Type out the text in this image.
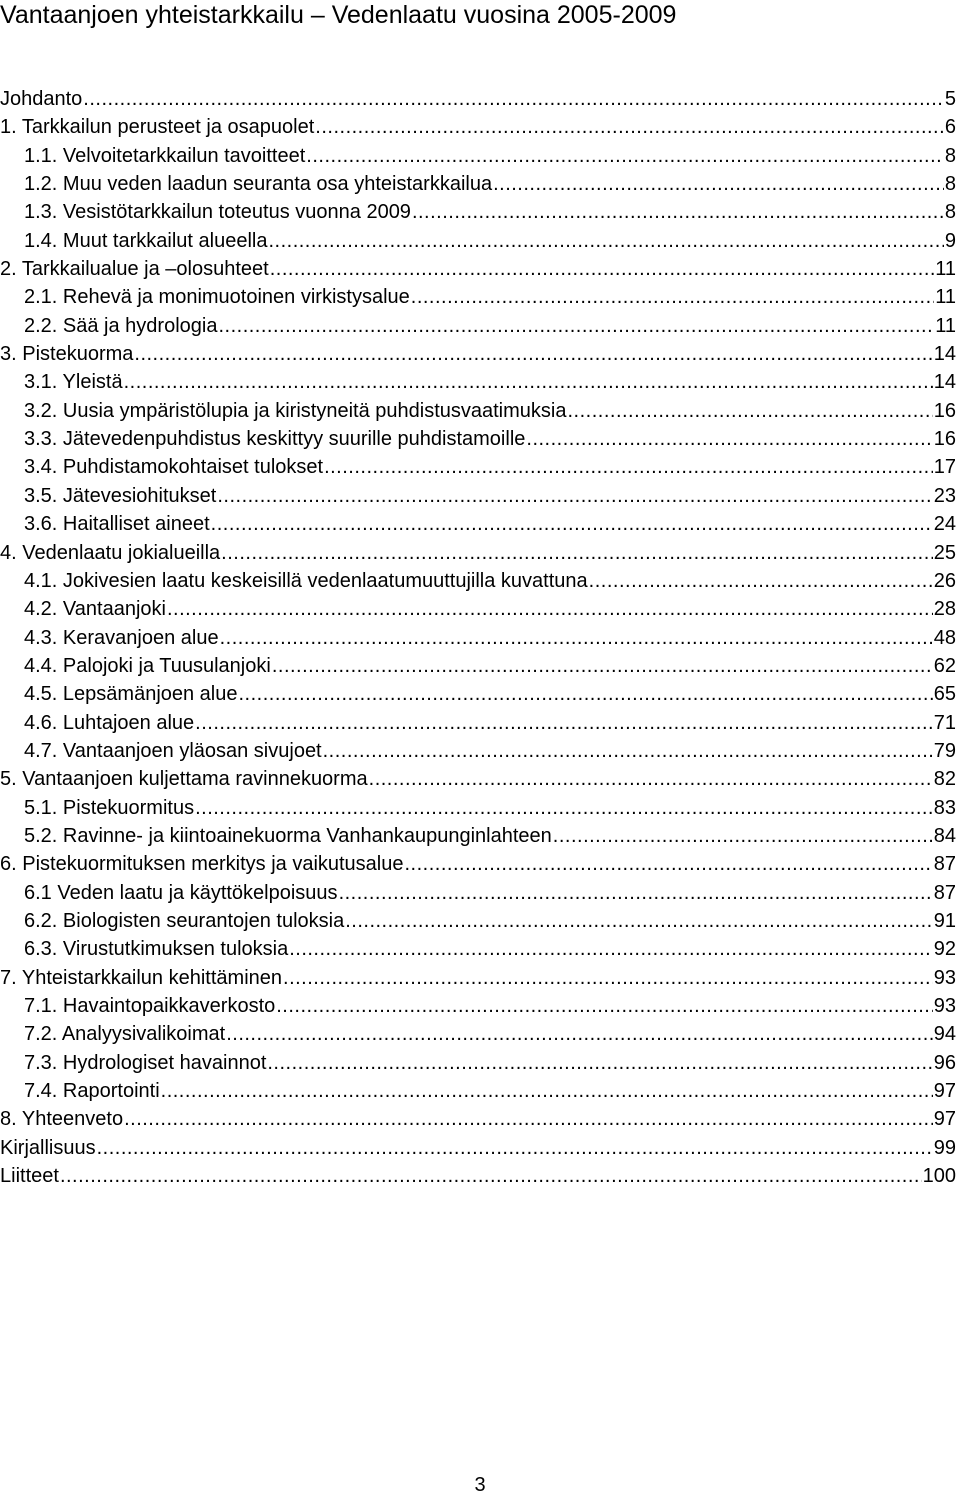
Vantaanjoen yhteistarkkailu – Vedenlaatu vuosina 2005-2009
Johdanto .....	5
1. Tarkkailun perusteet ja osapuolet .....	6
1.1. Velvoitetarkkailun tavoitteet .....	8
1.2. Muu veden laadun seuranta osa yhteistarkkailua .....	8
1.3. Vesistötarkkailun toteutus vuonna 2009 .....	8
1.4. Muut tarkkailut alueella .....	9
2. Tarkkailualue ja –olosuhteet .....	11
2.1. Rehevä ja monimuotoinen virkistysalue .....	11
2.2. Sää ja hydrologia .....	11
3. Pistekuorma .....	14
3.1. Yleistä .....	14
3.2. Uusia ympäristölupia ja kiristyneitä puhdistusvaatimuksia .....	16
3.3. Jätevedenpuhdistus keskittyy suurille puhdistamoille .....	16
3.4. Puhdistamokohtaiset tulokset .....	17
3.5. Jätevesiohitukset .....	23
3.6. Haitalliset aineet .....	24
4. Vedenlaatu jokialueilla .....	25
4.1. Jokivesien laatu keskeisillä vedenlaatumuuttujilla kuvattuna .....	26
4.2. Vantaanjoki .....	28
4.3. Keravanjoen alue .....	48
4.4. Palojoki ja Tuusulanjoki .....	62
4.5. Lepsämänjoen alue .....	65
4.6. Luhtajoen alue .....	71
4.7. Vantaanjoen yläosan sivujoet .....	79
5. Vantaanjoen kuljettama ravinnekuorma .....	82
5.1. Pistekuormitus .....	83
5.2. Ravinne- ja kiintoainekuorma Vanhankaupunginlahteen .....	84
6. Pistekuormituksen merkitys ja vaikutusalue .....	87
6.1 Veden laatu ja käyttökelpoisuus .....	87
6.2. Biologisten seurantojen tuloksia .....	91
6.3. Virustutkimuksen tuloksia .....	92
7. Yhteistarkkailun kehittäminen .....	93
7.1. Havaintopaikkaverkosto .....	93
7.2. Analyysivalikoimat .....	94
7.3. Hydrologiset havainnot .....	96
7.4. Raportointi .....	97
8. Yhteenveto .....	97
Kirjallisuus .....	99
Liitteet .....	100
3
